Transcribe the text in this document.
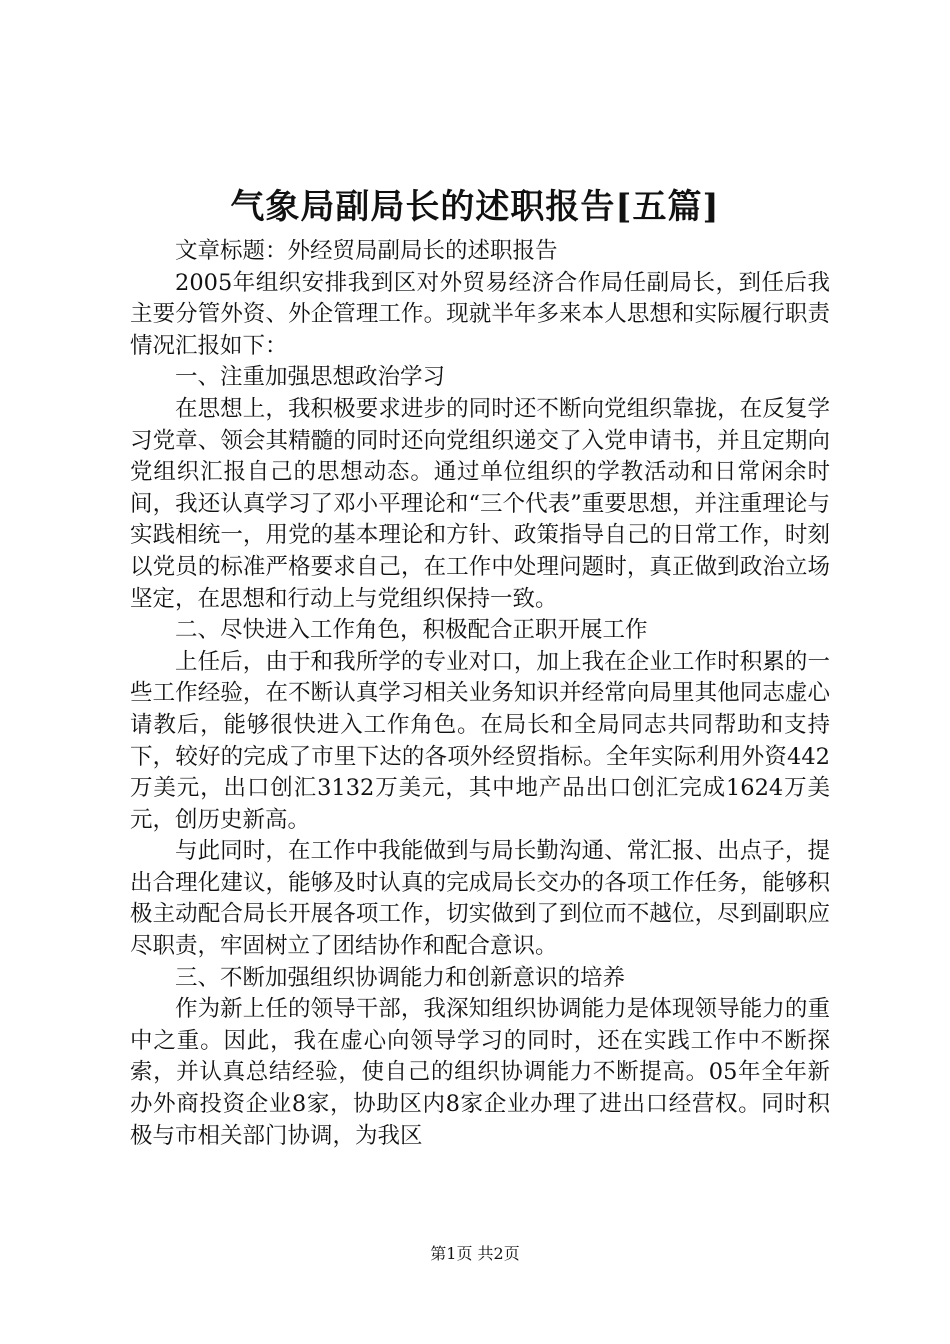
气象局副局长的述职报告[五篇]

文章标题：外经贸局副局长的述职报告

2005年组织安排我到区对外贸易经济合作局任副局长，到任后我主要分管外资、外企管理工作。现就半年多来本人思想和实际履行职责情况汇报如下：

一、注重加强思想政治学习

在思想上，我积极要求进步的同时还不断向党组织靠拢，在反复学习党章、领会其精髓的同时还向党组织递交了入党申请书，并且定期向党组织汇报自己的思想动态。通过单位组织的学教活动和日常闲余时间，我还认真学习了邓小平理论和“三个代表”重要思想，并注重理论与实践相统一，用党的基本理论和方针、政策指导自己的日常工作，时刻以党员的标准严格要求自己，在工作中处理问题时，真正做到政治立场坚定，在思想和行动上与党组织保持一致。

二、尽快进入工作角色，积极配合正职开展工作

上任后，由于和我所学的专业对口，加上我在企业工作时积累的一些工作经验，在不断认真学习相关业务知识并经常向局里其他同志虚心请教后，能够很快进入工作角色。在局长和全局同志共同帮助和支持下，较好的完成了市里下达的各项外经贸指标。全年实际利用外资442万美元，出口创汇3132万美元，其中地产品出口创汇完成1624万美元，创历史新高。

与此同时，在工作中我能做到与局长勤沟通、常汇报、出点子，提出合理化建议，能够及时认真的完成局长交办的各项工作任务，能够积极主动配合局长开展各项工作，切实做到了到位而不越位，尽到副职应尽职责，牢固树立了团结协作和配合意识。

三、不断加强组织协调能力和创新意识的培养

作为新上任的领导干部，我深知组织协调能力是体现领导能力的重中之重。因此，我在虚心向领导学习的同时，还在实践工作中不断探索，并认真总结经验，使自己的组织协调能力不断提高。05年全年新办外商投资企业8家，协助区内8家企业办理了进出口经营权。同时积极与市相关部门协调，为我区

第1页 共2页
